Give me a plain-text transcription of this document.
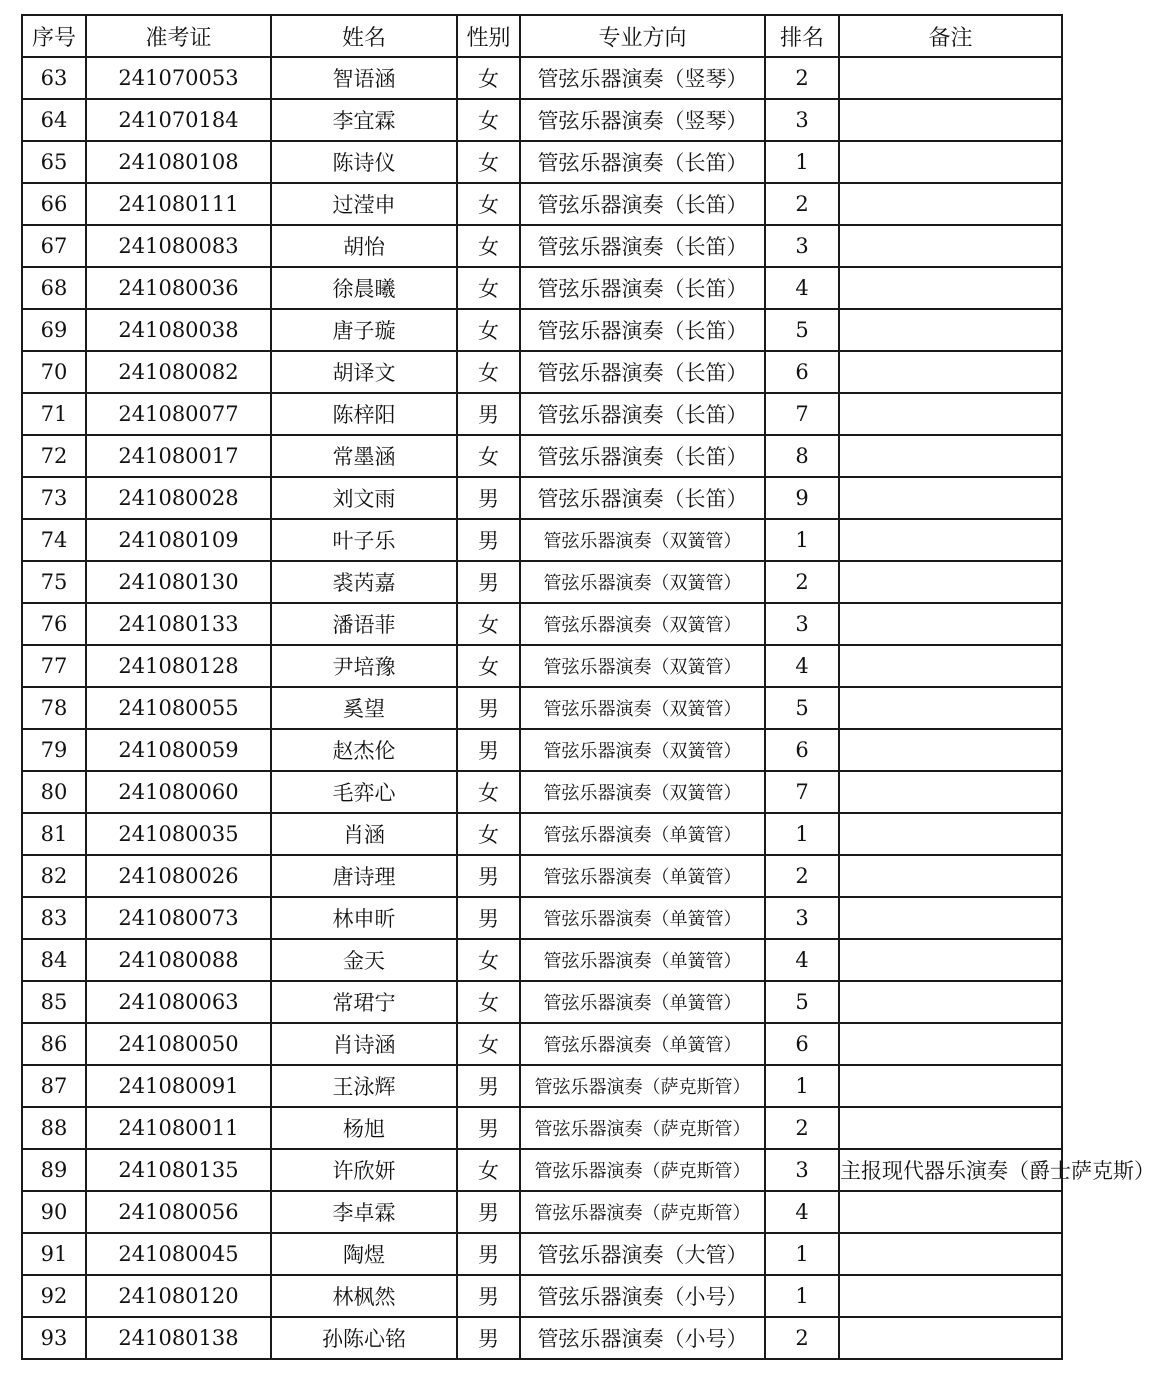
序号	准考证	姓名	性别	专业方向	排名	备注
63	241070053	智语涵	女	管弦乐器演奏（竖琴）	2	
64	241070184	李宜霖	女	管弦乐器演奏（竖琴）	3	
65	241080108	陈诗仪	女	管弦乐器演奏（长笛）	1	
66	241080111	过滢申	女	管弦乐器演奏（长笛）	2	
67	241080083	胡怡	女	管弦乐器演奏（长笛）	3	
68	241080036	徐晨曦	女	管弦乐器演奏（长笛）	4	
69	241080038	唐子璇	女	管弦乐器演奏（长笛）	5	
70	241080082	胡译文	女	管弦乐器演奏（长笛）	6	
71	241080077	陈梓阳	男	管弦乐器演奏（长笛）	7	
72	241080017	常墨涵	女	管弦乐器演奏（长笛）	8	
73	241080028	刘文雨	男	管弦乐器演奏（长笛）	9	
74	241080109	叶子乐	男	管弦乐器演奏（双簧管）	1	
75	241080130	裘芮嘉	男	管弦乐器演奏（双簧管）	2	
76	241080133	潘语菲	女	管弦乐器演奏（双簧管）	3	
77	241080128	尹培豫	女	管弦乐器演奏（双簧管）	4	
78	241080055	奚望	男	管弦乐器演奏（双簧管）	5	
79	241080059	赵杰伦	男	管弦乐器演奏（双簧管）	6	
80	241080060	毛弈心	女	管弦乐器演奏（双簧管）	7	
81	241080035	肖涵	女	管弦乐器演奏（单簧管）	1	
82	241080026	唐诗理	男	管弦乐器演奏（单簧管）	2	
83	241080073	林申昕	男	管弦乐器演奏（单簧管）	3	
84	241080088	金天	女	管弦乐器演奏（单簧管）	4	
85	241080063	常珺宁	女	管弦乐器演奏（单簧管）	5	
86	241080050	肖诗涵	女	管弦乐器演奏（单簧管）	6	
87	241080091	王泳辉	男	管弦乐器演奏（萨克斯管）	1	
88	241080011	杨旭	男	管弦乐器演奏（萨克斯管）	2	
89	241080135	许欣妍	女	管弦乐器演奏（萨克斯管）	3	主报现代器乐演奏（爵士萨克斯）
90	241080056	李卓霖	男	管弦乐器演奏（萨克斯管）	4	
91	241080045	陶煜	男	管弦乐器演奏（大管）	1	
92	241080120	林枫然	男	管弦乐器演奏（小号）	1	
93	241080138	孙陈心铭	男	管弦乐器演奏（小号）	2	
